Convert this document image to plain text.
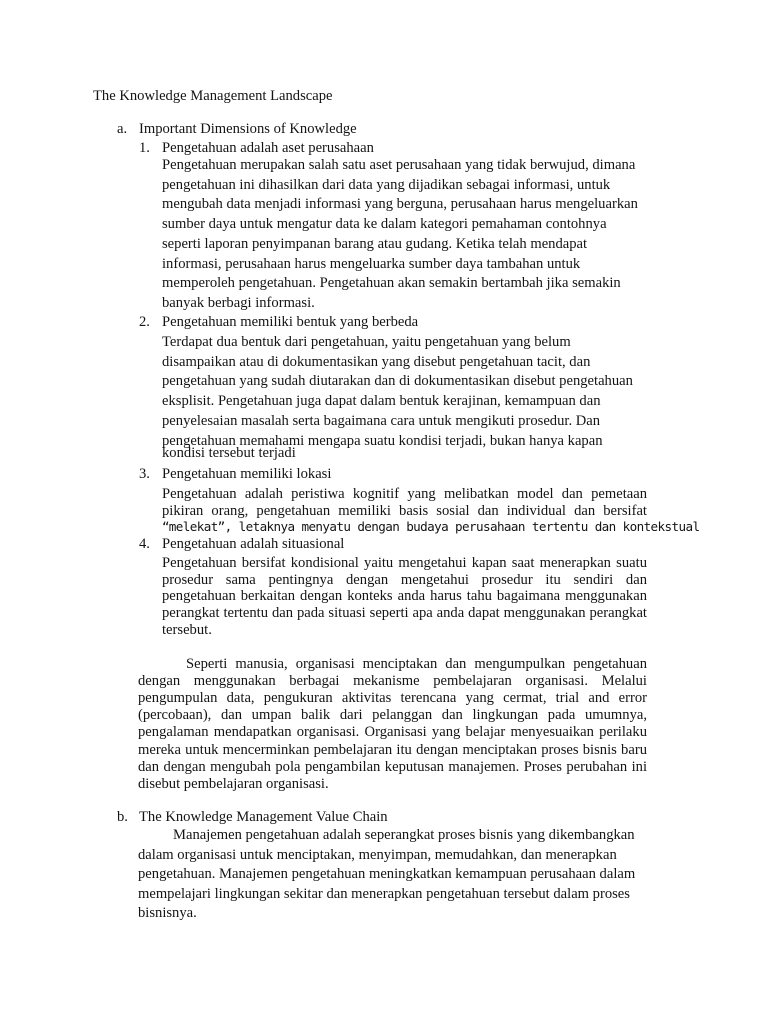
The Knowledge Management Landscape
a. Important Dimensions of Knowledge
1. Pengetahuan adalah aset perusahaan
Pengetahuan merupakan salah satu aset perusahaan yang tidak berwujud, dimana
pengetahuan ini dihasilkan dari data yang dijadikan sebagai informasi, untuk
mengubah data menjadi informasi yang berguna, perusahaan harus mengeluarkan
sumber daya untuk mengatur data ke dalam kategori pemahaman contohnya
seperti laporan penyimpanan barang atau gudang. Ketika telah mendapat
informasi, perusahaan harus mengeluarka sumber daya tambahan untuk
memperoleh pengetahuan. Pengetahuan akan semakin bertambah jika semakin
banyak berbagi informasi.
2. Pengetahuan memiliki bentuk yang berbeda
Terdapat dua bentuk dari pengetahuan, yaitu pengetahuan yang belum
disampaikan atau di dokumentasikan yang disebut pengetahuan tacit, dan
pengetahuan yang sudah diutarakan dan di dokumentasikan disebut pengetahuan
eksplisit. Pengetahuan juga dapat dalam bentuk kerajinan, kemampuan dan
penyelesaian masalah serta bagaimana cara untuk mengikuti prosedur. Dan
pengetahuan memahami mengapa suatu kondisi terjadi, bukan hanya kapan
kondisi tersebut terjadi
3. Pengetahuan memiliki lokasi
Pengetahuan adalah peristiwa kognitif yang melibatkan model dan pemetaan
pikiran orang, pengetahuan memiliki basis sosial dan individual dan bersifat
“melekat”, letaknya menyatu dengan budaya perusahaan tertentu dan kontekstual
4. Pengetahuan adalah situasional
Pengetahuan bersifat kondisional yaitu mengetahui kapan saat menerapkan suatu
prosedur sama pentingnya dengan mengetahui prosedur itu sendiri dan
pengetahuan berkaitan dengan konteks anda harus tahu bagaimana menggunakan
perangkat tertentu dan pada situasi seperti apa anda dapat menggunakan perangkat
tersebut.
Seperti manusia, organisasi menciptakan dan mengumpulkan pengetahuan
dengan menggunakan berbagai mekanisme pembelajaran organisasi. Melalui
pengumpulan data, pengukuran aktivitas terencana yang cermat, trial and error
(percobaan), dan umpan balik dari pelanggan dan lingkungan pada umumnya,
pengalaman mendapatkan organisasi. Organisasi yang belajar menyesuaikan perilaku
mereka untuk mencerminkan pembelajaran itu dengan menciptakan proses bisnis baru
dan dengan mengubah pola pengambilan keputusan manajemen. Proses perubahan ini
disebut pembelajaran organisasi.
b. The Knowledge Management Value Chain
Manajemen pengetahuan adalah seperangkat proses bisnis yang dikembangkan
dalam organisasi untuk menciptakan, menyimpan, memudahkan, dan menerapkan
pengetahuan. Manajemen pengetahuan meningkatkan kemampuan perusahaan dalam
mempelajari lingkungan sekitar dan menerapkan pengetahuan tersebut dalam proses
bisnisnya.
